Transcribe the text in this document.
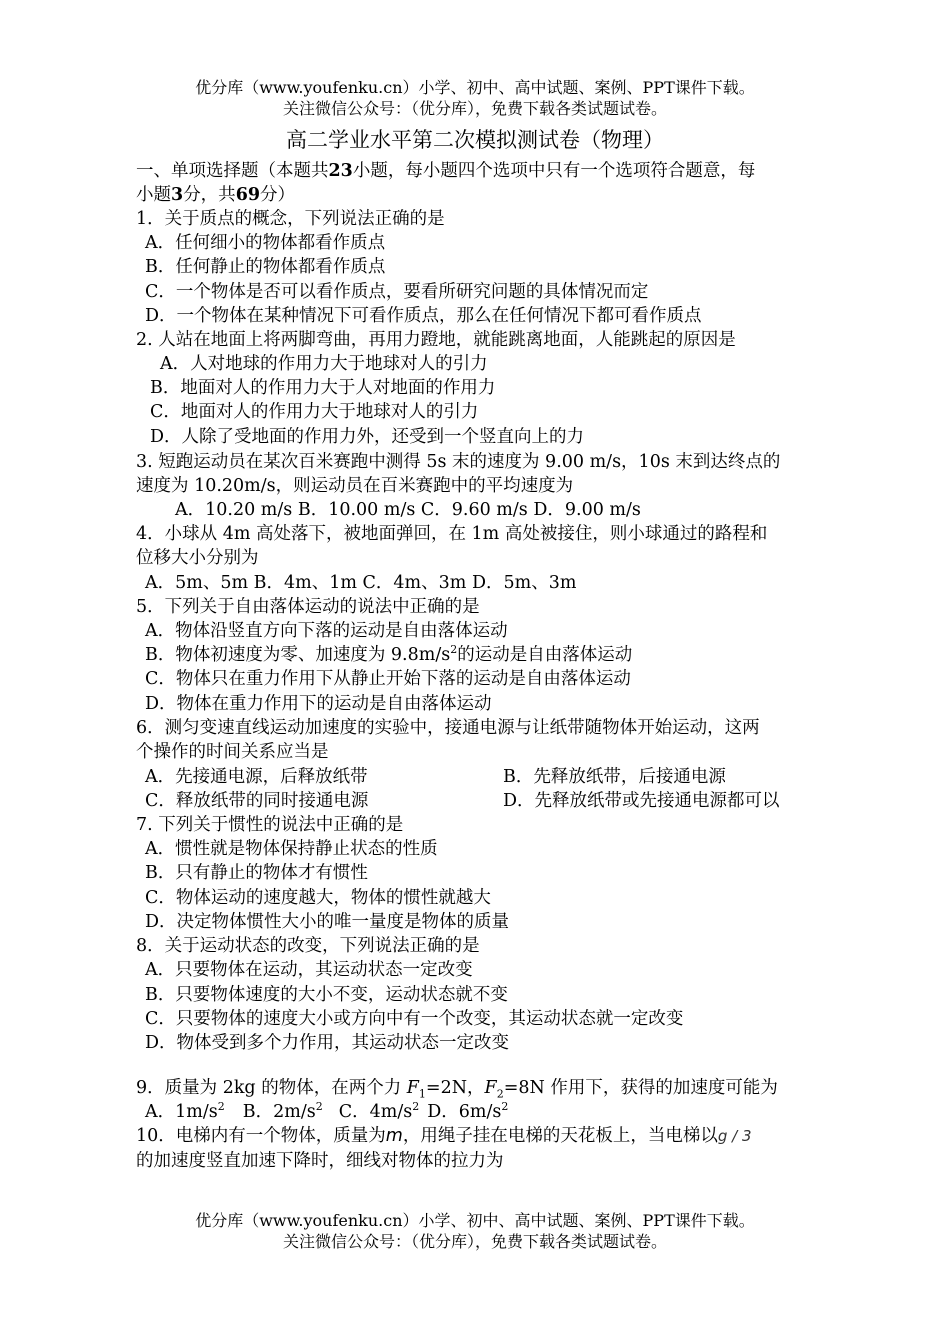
优分库（www.youfenku.cn）小学、初中、高中试题、案例、PPT课件下载。
关注微信公众号：（优分库），免费下载各类试题试卷。
高二学业水平第二次模拟测试卷（物理）
一、单项选择题（本题共23小题，每小题四个选项中只有一个选项符合题意，每
小题3分，共69分）
1．关于质点的概念，下列说法正确的是
A．任何细小的物体都看作质点
B．任何静止的物体都看作质点
C．一个物体是否可以看作质点，要看所研究问题的具体情况而定
D．一个物体在某种情况下可看作质点，那么在任何情况下都可看作质点
2. 人站在地面上将两脚弯曲，再用力蹬地，就能跳离地面，人能跳起的原因是
A．人对地球的作用力大于地球对人的引力
B．地面对人的作用力大于人对地面的作用力
C．地面对人的作用力大于地球对人的引力
D．人除了受地面的作用力外，还受到一个竖直向上的力
3. 短跑运动员在某次百米赛跑中测得 5s 末的速度为 9.00 m/s，10s 末到达终点的
速度为 10.20m/s，则运动员在百米赛跑中的平均速度为
A．10.20 m/s B．10.00 m/s C．9.60 m/s D．9.00 m/s
4．小球从 4m 高处落下，被地面弹回，在 1m 高处被接住，则小球通过的路程和
位移大小分别为
A．5m、5m B．4m、1m C．4m、3m D．5m、3m
5．下列关于自由落体运动的说法中正确的是
A．物体沿竖直方向下落的运动是自由落体运动
B．物体初速度为零、加速度为 $9.8m/s^2$的运动是自由落体运动
C．物体只在重力作用下从静止开始下落的运动是自由落体运动
D．物体在重力作用下的运动是自由落体运动
6．测匀变速直线运动加速度的实验中，接通电源与让纸带随物体开始运动，这两
个操作的时间关系应当是
A．先接通电源，后释放纸带	B．先释放纸带，后接通电源
C．释放纸带的同时接通电源	D．先释放纸带或先接通电源都可以
7. 下列关于惯性的说法中正确的是
A．惯性就是物体保持静止状态的性质
B．只有静止的物体才有惯性
C．物体运动的速度越大，物体的惯性就越大
D．决定物体惯性大小的唯一量度是物体的质量
8．关于运动状态的改变，下列说法正确的是
A．只要物体在运动，其运动状态一定改变
B．只要物体速度的大小不变，运动状态就不变
C．只要物体的速度大小或方向中有一个改变，其运动状态就一定改变
D．物体受到多个力作用，其运动状态一定改变
9．质量为 2kg 的物体，在两个力 $F_1=2N$，$F_2=8N$ 作用下，获得的加速度可能为
A．$1m/s^2$ B．$2m/s^2$ C．$4m/s^2$ D．$6m/s^2$
10．电梯内有一个物体，质量为m，用绳子挂在电梯的天花板上，当电梯以g / 3
的加速度竖直加速下降时，细线对物体的拉力为
优分库（www.youfenku.cn）小学、初中、高中试题、案例、PPT课件下载。
关注微信公众号：（优分库），免费下载各类试题试卷。
